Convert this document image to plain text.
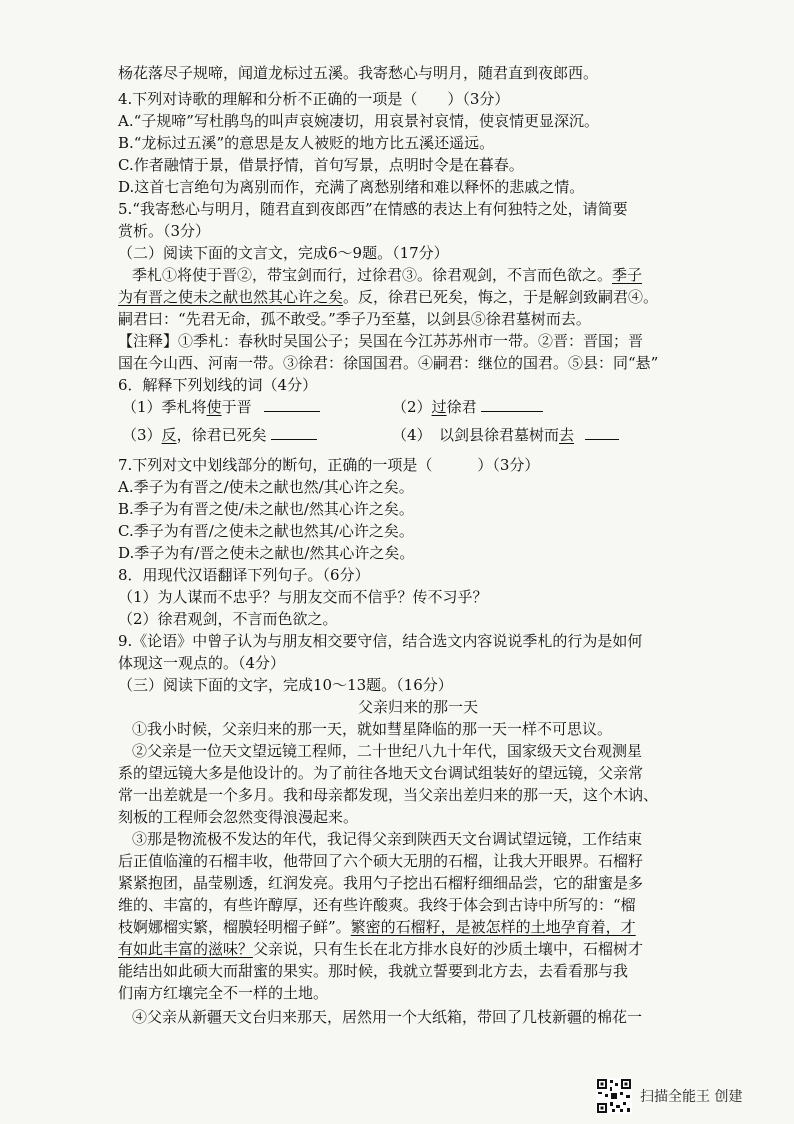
杨花落尽子规啼，闻道龙标过五溪。我寄愁心与明月，随君直到夜郎西。
4.下列对诗歌的理解和分析不正确的一项是（　　）（3分）
A.“子规啼”写杜鹃鸟的叫声哀婉凄切，用哀景衬哀情，使哀情更显深沉。
B.“龙标过五溪”的意思是友人被贬的地方比五溪还遥远。
C.作者融情于景，借景抒情，首句写景，点明时令是在暮春。
D.这首七言绝句为离别而作，充满了离愁别绪和难以释怀的悲戚之情。
5.“我寄愁心与明月，随君直到夜郎西”在情感的表达上有何独特之处，请简要
赏析。（3分）
（二）阅读下面的文言文，完成6～9题。（17分）
季札①将使于晋②，带宝剑而行，过徐君③。徐君观剑，不言而色欲之。季子
为有晋之使未之献也然其心许之矣。反，徐君已死矣，悔之，于是解剑致嗣君④。
嗣君曰：“先君无命，孤不敢受。”季子乃至墓，以剑县⑤徐君墓树而去。
【注释】①季札：春秋时吴国公子；吴国在今江苏苏州市一带。②晋：晋国；晋
国在今山西、河南一带。③徐君：徐国国君。④嗣君：继位的国君。⑤县：同“悬”
6．解释下列划线的词（4分）
（1）季札将使于晋	（2）过徐君
（3）反，徐君已死矣	（4）　以剑县徐君墓树而去
7.下列对文中划线部分的断句，正确的一项是（　　　）（3分）
A.季子为有晋之/使未之献也然/其心许之矣。
B.季子为有晋之使/未之献也/然其心许之矣。
C.季子为有晋/之使未之献也然其/心许之矣。
D.季子为有/晋之使未之献也/然其心许之矣。
8．用现代汉语翻译下列句子。（6分）
（1）为人谋而不忠乎？与朋友交而不信乎？传不习乎？
（2）徐君观剑，不言而色欲之。
9.《论语》中曾子认为与朋友相交要守信，结合选文内容说说季札的行为是如何
体现这一观点的。（4分）
（三）阅读下面的文字，完成10～13题。（16分）
父亲归来的那一天
①我小时候，父亲归来的那一天，就如彗星降临的那一天一样不可思议。
②父亲是一位天文望远镜工程师，二十世纪八九十年代，国家级天文台观测星
系的望远镜大多是他设计的。为了前往各地天文台调试组装好的望远镜，父亲常
常一出差就是一个多月。我和母亲都发现，当父亲出差归来的那一天，这个木讷、
刻板的工程师会忽然变得浪漫起来。
③那是物流极不发达的年代，我记得父亲到陕西天文台调试望远镜，工作结束
后正值临潼的石榴丰收，他带回了六个硕大无朋的石榴，让我大开眼界。石榴籽
紧紧抱团，晶莹剔透，红润发亮。我用勺子挖出石榴籽细细品尝，它的甜蜜是多
维的、丰富的，有些许醇厚，还有些许酸爽。我终于体会到古诗中所写的：“榴
枝婀娜榴实繁，榴膜轻明榴子鲜”。繁密的石榴籽，是被怎样的土地孕育着，才
有如此丰富的滋味？父亲说，只有生长在北方排水良好的沙质土壤中，石榴树才
能结出如此硕大而甜蜜的果实。那时候，我就立誓要到北方去，去看看那与我
们南方红壤完全不一样的土地。
④父亲从新疆天文台归来那天，居然用一个大纸箱，带回了几枝新疆的棉花一
扫描全能王 创建
